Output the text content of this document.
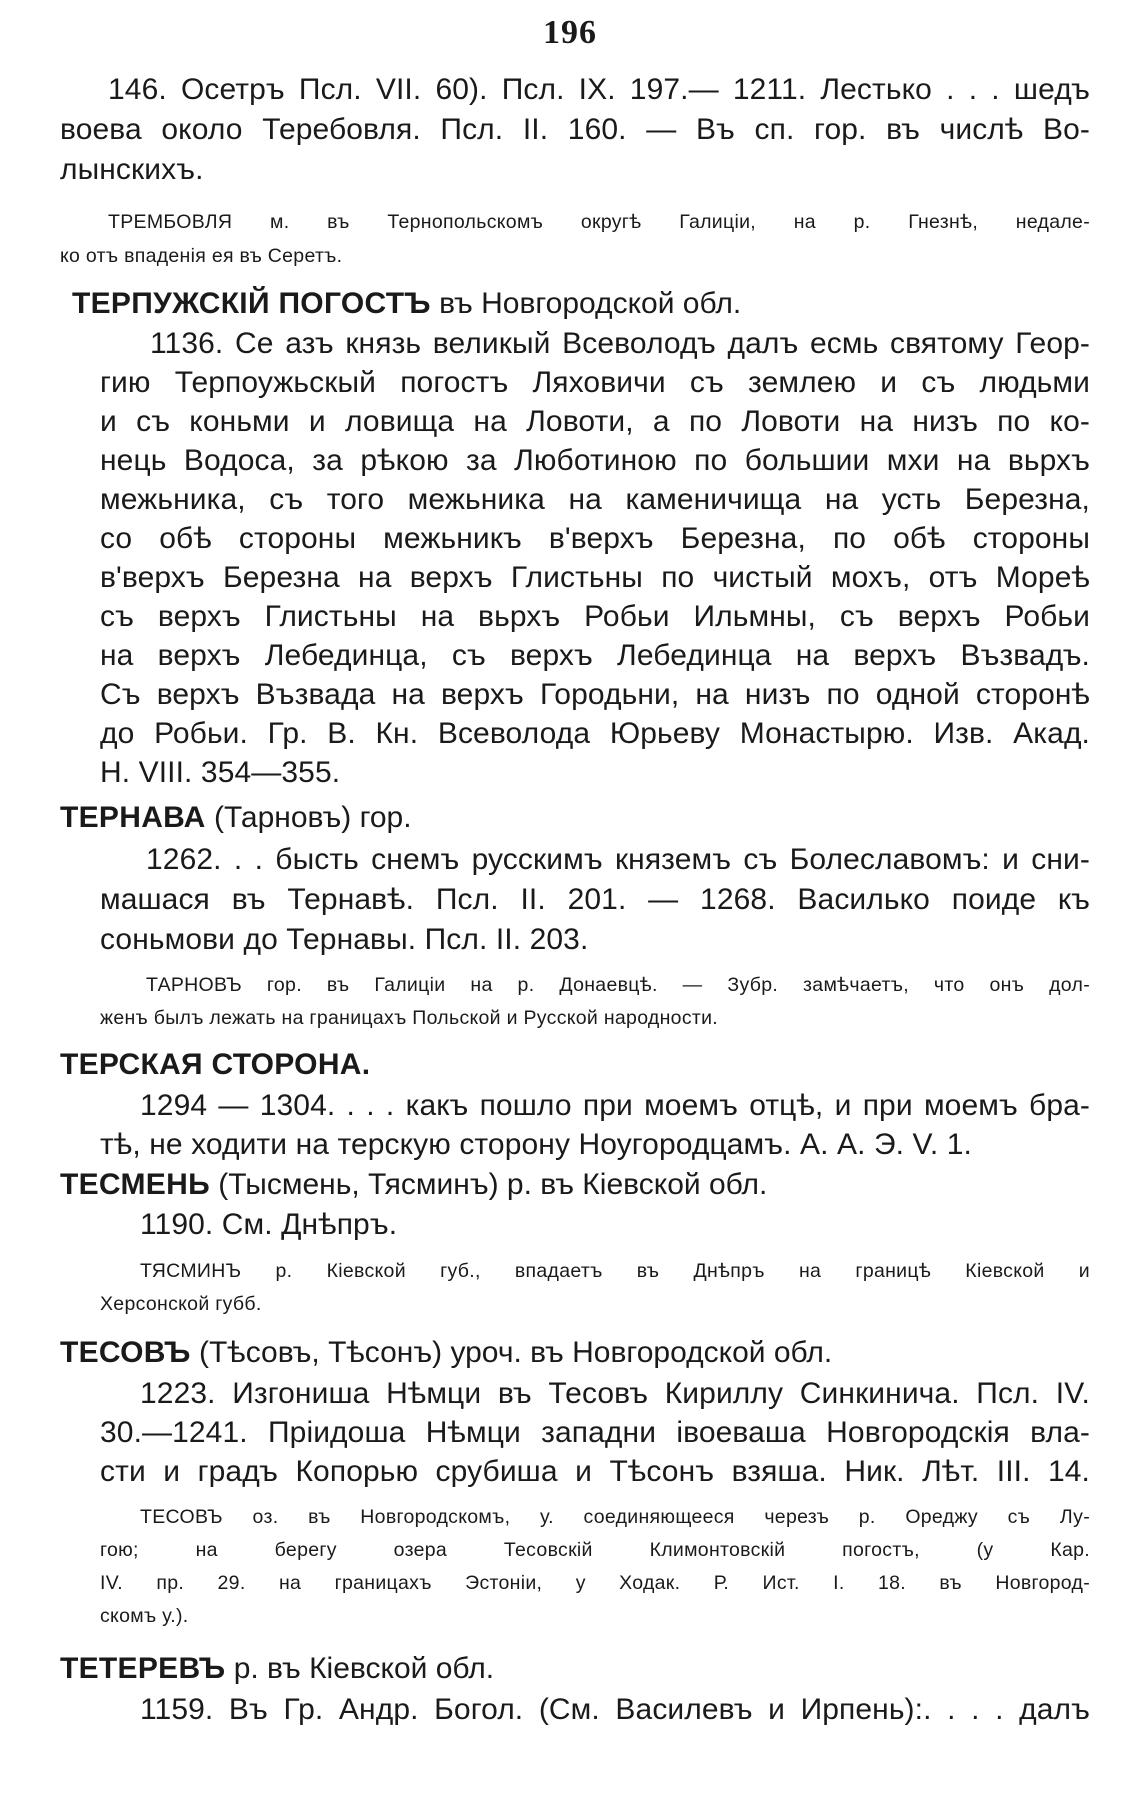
196

146. Осетръ Псл. VII. 60). Псл. IX. 197.— 1211. Лестько . . . шедъ

воева около Теребовля. Псл. II. 160. — Въ сп. гор. въ числѣ Во-

лынскихъ.

ТРЕМБОВЛЯ м. въ Тернопольскомъ округѣ Галиціи, на р. Гнезнѣ, недале-

ко отъ впаденія ея въ Серетъ.

ТЕРПУЖСКІЙ ПОГОСТЪ въ Новгородской обл.

1136. Се азъ князь великый Всеволодъ далъ есмь святому Геор-

гию Терпоужьскый погостъ Ляховичи съ землею и съ людьми

и съ коньми и ловища на Ловоти, а по Ловоти на низъ по ко-

нець Водоса, за рѣкою за Люботиною по большии мхи на вьрхъ

межьника, съ того межьника на каменичища на усть Березна,

со обѣ стороны межьникъ в'верхъ Березна, по обѣ стороны

в'верхъ Березна на верхъ Глистьны по чистый мохъ, отъ Мореѣ

съ верхъ Глистьны на вьрхъ Робьи Ильмны, съ верхъ Робьи

на верхъ Лебединца, съ верхъ Лебединца на верхъ Възвадъ.

Съ верхъ Възвада на верхъ Городьни, на низъ по одной сторонѣ

до Робьи. Гр. В. Кн. Всеволода Юрьеву Монастырю. Изв. Акад.

Н. VIII. 354—355.

ТЕРНАВА (Тарновъ) гор.

1262. . . бысть снемъ русскимъ княземъ съ Болеславомъ: и сни-

машася въ Тернавѣ. Псл. II. 201. — 1268. Василько поиде къ

соньмови до Тернавы. Псл. II. 203.

ТАРНОВЪ гор. въ Галиціи на р. Донаевцѣ. — Зубр. замѣчаетъ, что онъ дол-

женъ былъ лежать на границахъ Польской и Русской народности.

ТЕРСКАЯ СТОРОНА.

1294 — 1304. . . . какъ пошло при моемъ отцѣ, и при моемъ бра-

тѣ, не ходити на терскую сторону Ноугородцамъ. А. А. Э. V. 1.

ТЕСМЕНЬ (Тысмень, Тясминъ) р. въ Кіевской обл.

1190. См. Днѣпръ.

ТЯСМИНЪ р. Кіевской губ., впадаетъ въ Днѣпръ на границѣ Кіевской и

Херсонской губб.

ТЕСОВЪ (Тѣсовъ, Тѣсонъ) уроч. въ Новгородской обл.

1223. Изгониша Нѣмци въ Тесовъ Кириллу Синкинича. Псл. IV.

30.—1241. Пріидоша Нѣмци западни івоеваша Новгородскія вла-

сти и градъ Копорью срубиша и Тѣсонъ взяша. Ник. Лѣт. III. 14.

ТЕСОВЪ оз. въ Новгородскомъ, у. соединяющееся черезъ р. Ореджу съ Лу-

гою; на берегу озера Тесовскій Климонтовскій погостъ, (у Кар.

IV. пр. 29. на границахъ Эстоніи, у Ходак. Р. Ист. I. 18. въ Новгород-

скомъ у.).

ТЕТЕРЕВЪ р. въ Кіевской обл.

1159. Въ Гр. Андр. Богол. (См. Василевъ и Ирпень):. . . . далъ
